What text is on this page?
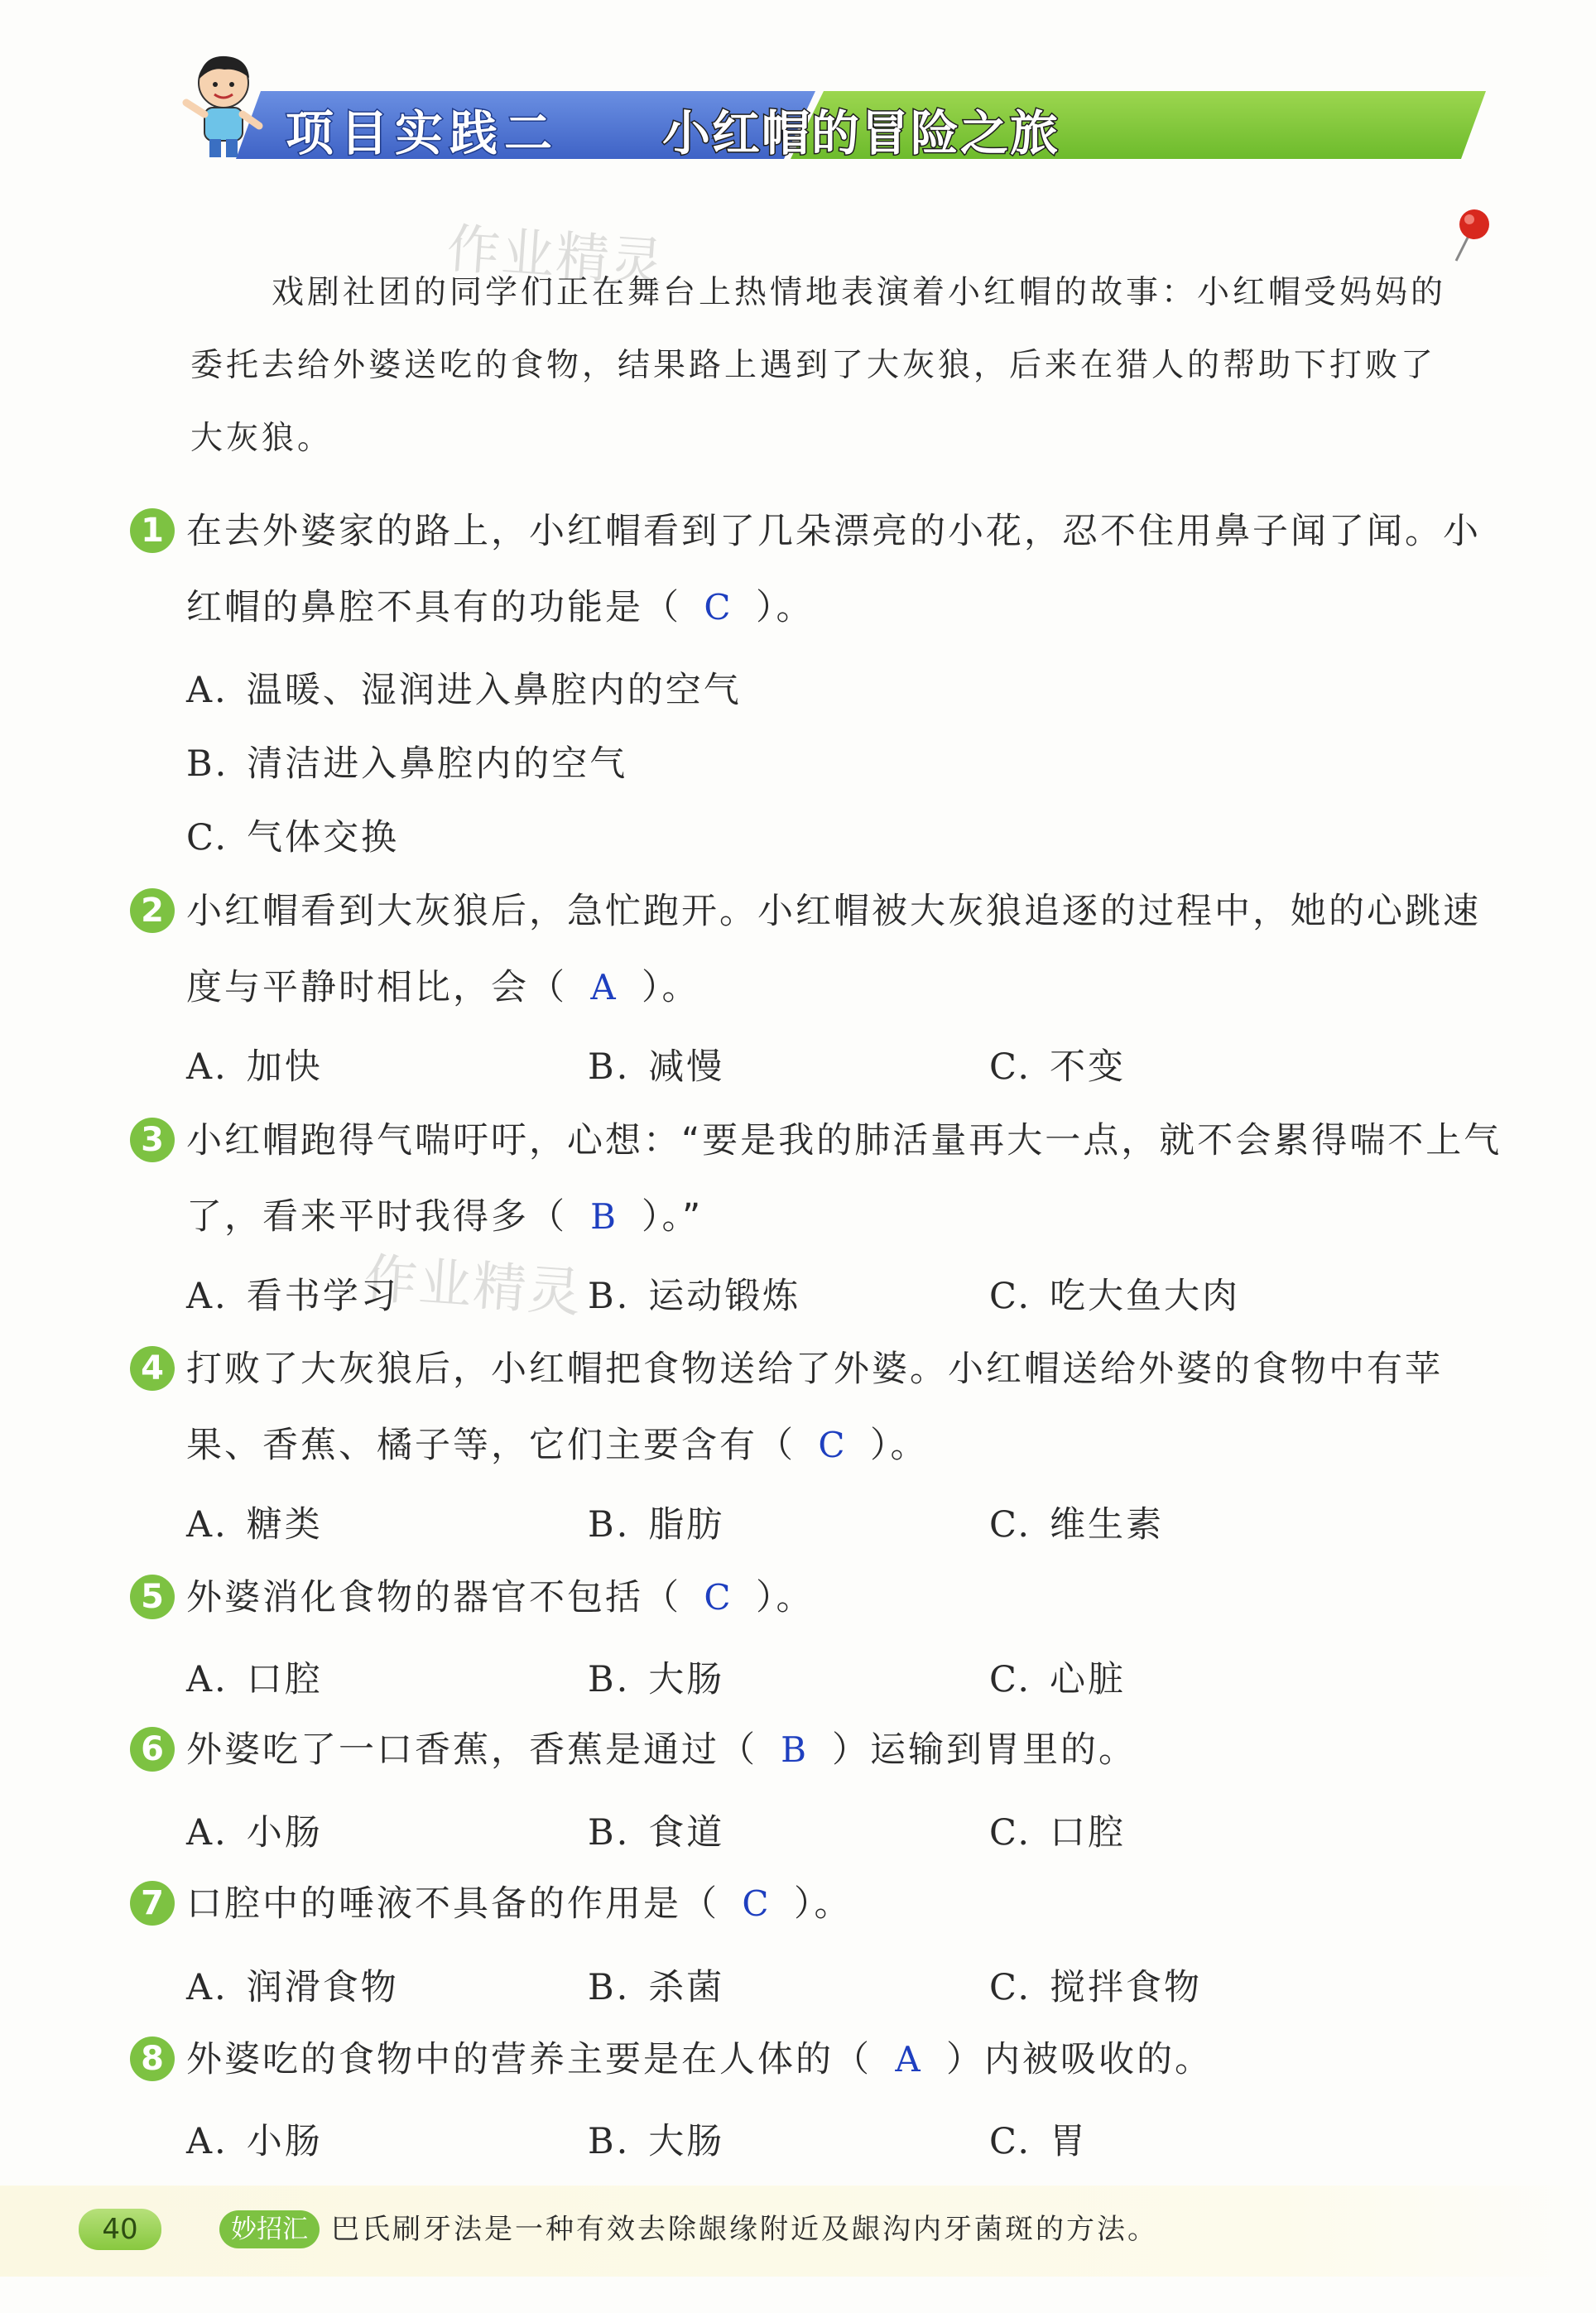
项目实践二 小红帽的冒险之旅
作业精灵
作业精灵
戏剧社团的同学们正在舞台上热情地表演着小红帽的故事：小红帽受妈妈的委托去给外婆送吃的食物，结果路上遇到了大灰狼，后来在猎人的帮助下打败了大灰狼。
1 在去外婆家的路上，小红帽看到了几朵漂亮的小花，忍不住用鼻子闻了闻。小红帽的鼻腔不具有的功能是（ C ）。
A. 温暖、湿润进入鼻腔内的空气
B. 清洁进入鼻腔内的空气
C. 气体交换
2 小红帽看到大灰狼后，急忙跑开。小红帽被大灰狼追逐的过程中，她的心跳速度与平静时相比，会（ A ）。
A. 加快	B. 减慢	C. 不变
3 小红帽跑得气喘吁吁，心想：“要是我的肺活量再大一点，就不会累得喘不上气了，看来平时我得多（ B ）。”
A. 看书学习	B. 运动锻炼	C. 吃大鱼大肉
4 打败了大灰狼后，小红帽把食物送给了外婆。小红帽送给外婆的食物中有苹果、香蕉、橘子等，它们主要含有（ C ）。
A. 糖类	B. 脂肪	C. 维生素
5 外婆消化食物的器官不包括（ C ）。
A. 口腔	B. 大肠	C. 心脏
6 外婆吃了一口香蕉，香蕉是通过（ B ）运输到胃里的。
A. 小肠	B. 食道	C. 口腔
7 口腔中的唾液不具备的作用是（ C ）。
A. 润滑食物	B. 杀菌	C. 搅拌食物
8 外婆吃的食物中的营养主要是在人体的（ A ）内被吸收的。
A. 小肠	B. 大肠	C. 胃
40	妙招汇 巴氏刷牙法是一种有效去除龈缘附近及龈沟内牙菌斑的方法。
